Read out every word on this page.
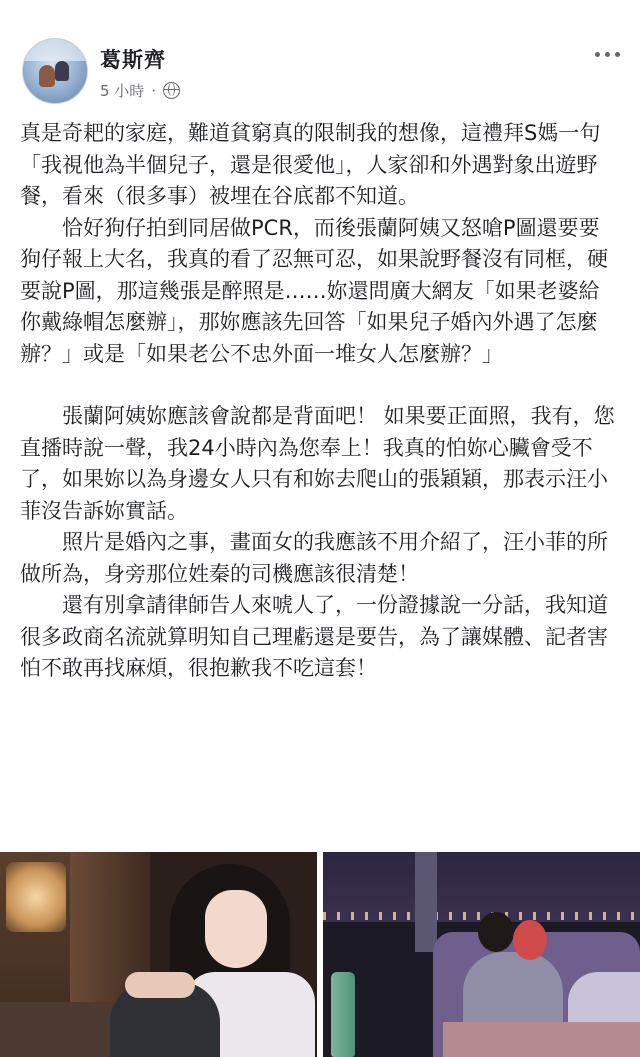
葛斯齊
5 小時 ·

真是奇耙的家庭，難道貧窮真的限制我的想像，這禮拜S媽一句「我視他為半個兒子，還是很愛他」，人家卻和外遇對象出遊野餐，看來（很多事）被埋在谷底都不知道。

　　恰好狗仔拍到同居做PCR，而後張蘭阿姨又怒嗆P圖還要要狗仔報上大名，我真的看了忍無可忍，如果說野餐沒有同框，硬要說P圖，那這幾張是醉照是……妳還問廣大網友「如果老婆給你戴綠帽怎麼辦」，那妳應該先回答「如果兒子婚內外遇了怎麼辦？」或是「如果老公不忠外面一堆女人怎麼辦？」

　　張蘭阿姨妳應該會說都是背面吧！ 如果要正面照，我有，您直播時說一聲，我24小時內為您奉上！我真的怕妳心臟會受不了，如果妳以為身邊女人只有和妳去爬山的張穎穎，那表示汪小菲沒告訴妳實話。

　　照片是婚內之事，畫面女的我應該不用介紹了，汪小菲的所做所為，身旁那位姓秦的司機應該很清楚！

　　還有別拿請律師告人來唬人了，一份證據說一分話，我知道很多政商名流就算明知自己理虧還是要告，為了讓媒體、記者害怕不敢再找麻煩，很抱歉我不吃這套！
